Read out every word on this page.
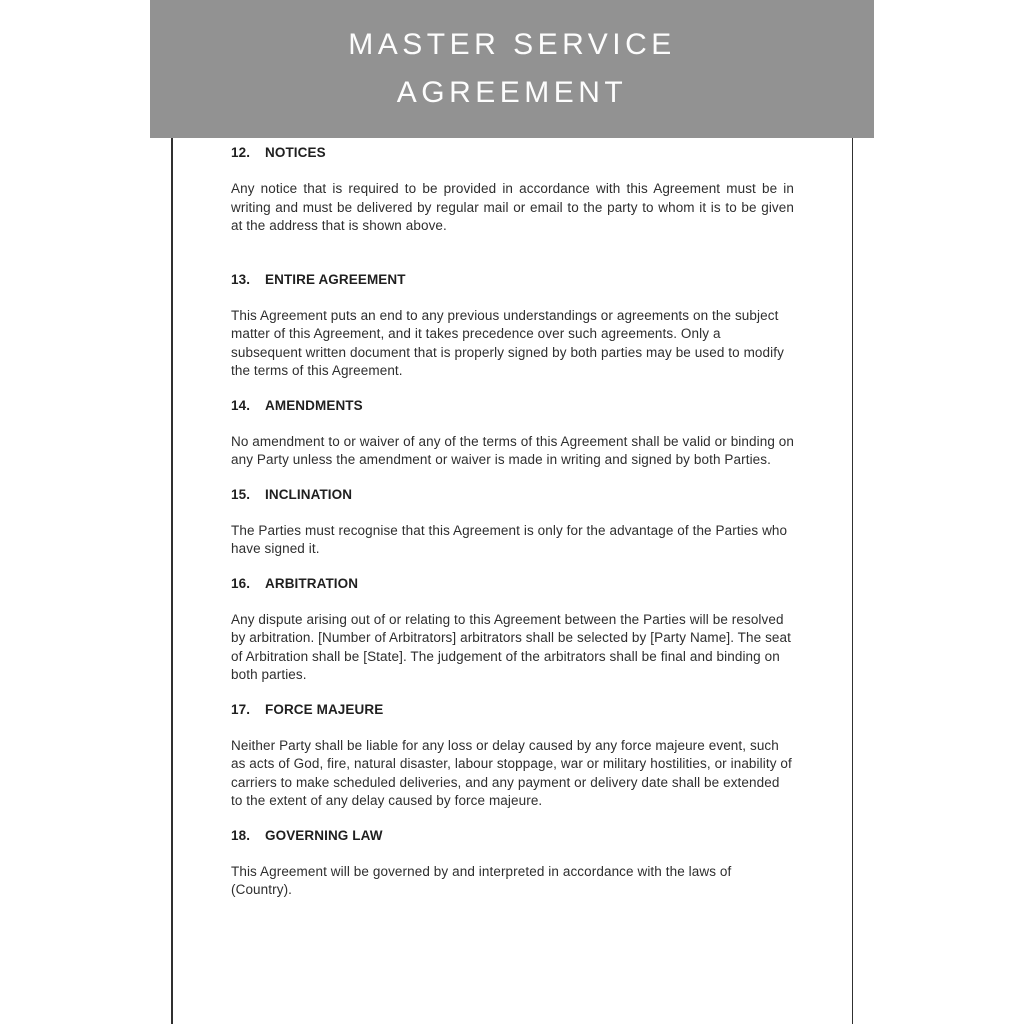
MASTER SERVICE
AGREEMENT
12. NOTICES

Any notice that is required to be provided in accordance with this Agreement must be in writing and must be delivered by regular mail or email to the party to whom it is to be given at the address that is shown above.

13. ENTIRE AGREEMENT

This Agreement puts an end to any previous understandings or agreements on the subject matter of this Agreement, and it takes precedence over such agreements. Only a subsequent written document that is properly signed by both parties may be used to modify the terms of this Agreement.

14. AMENDMENTS

No amendment to or waiver of any of the terms of this Agreement shall be valid or binding on any Party unless the amendment or waiver is made in writing and signed by both Parties.

15. INCLINATION

The Parties must recognise that this Agreement is only for the advantage of the Parties who have signed it.

16. ARBITRATION

Any dispute arising out of or relating to this Agreement between the Parties will be resolved by arbitration. [Number of Arbitrators] arbitrators shall be selected by [Party Name]. The seat of Arbitration shall be [State]. The judgement of the arbitrators shall be final and binding on both parties.

17. FORCE MAJEURE

Neither Party shall be liable for any loss or delay caused by any force majeure event, such as acts of God, fire, natural disaster, labour stoppage, war or military hostilities, or inability of carriers to make scheduled deliveries, and any payment or delivery date shall be extended to the extent of any delay caused by force majeure.

18. GOVERNING LAW

This Agreement will be governed by and interpreted in accordance with the laws of (Country).
